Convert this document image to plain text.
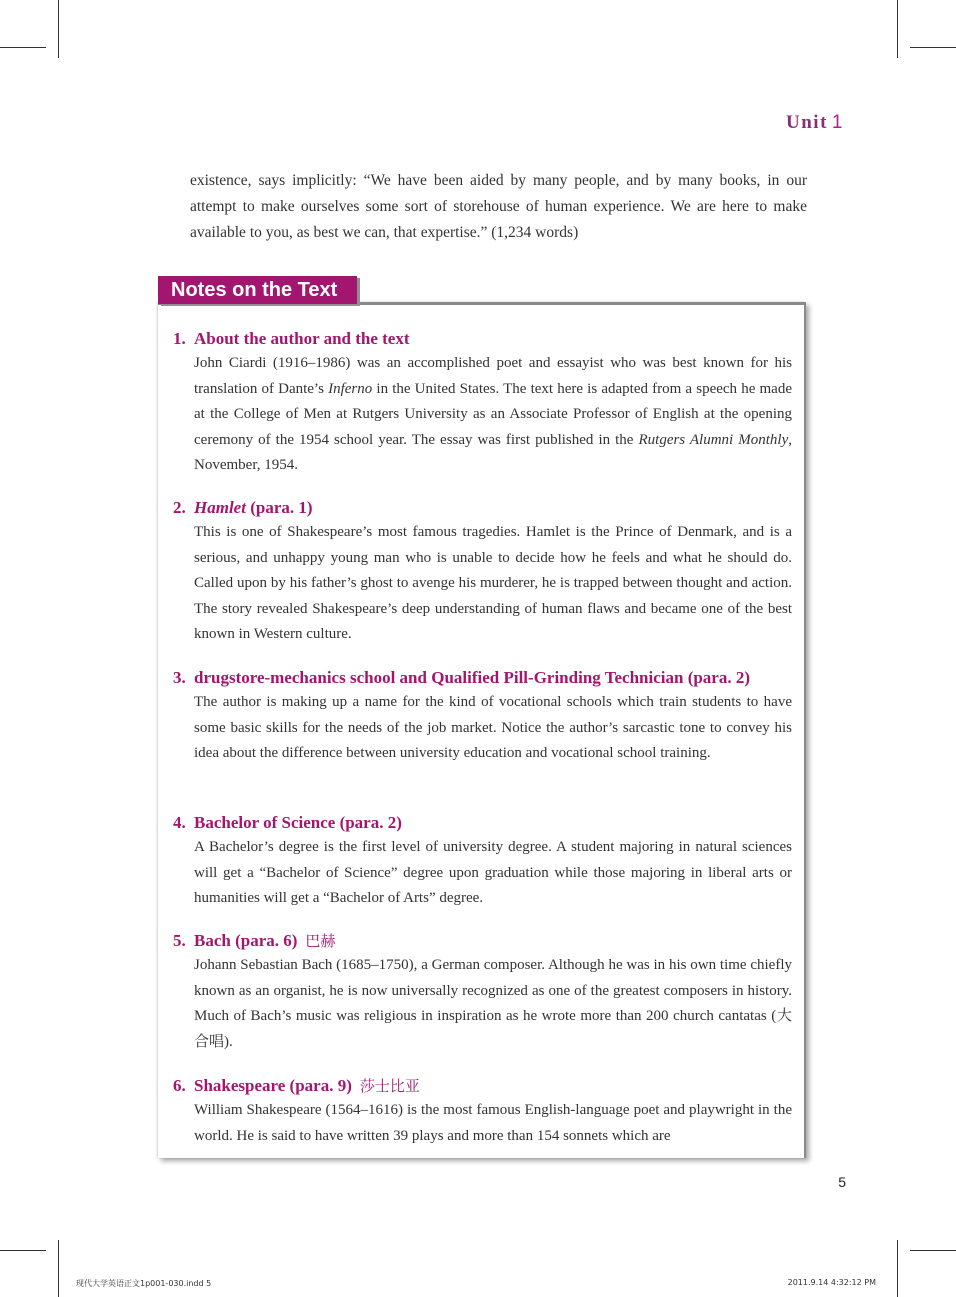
Unit 1
existence, says implicitly: “We have been aided by many people, and by many books, in our attempt to make ourselves some sort of storehouse of human experience. We are here to make available to you, as best we can, that expertise.” (1,234 words)
1. About the author and the text
John Ciardi (1916–1986) was an accomplished poet and essayist who was best known for his translation of Dante’s Inferno in the United States. The text here is adapted from a speech he made at the College of Men at Rutgers University as an Associate Professor of English at the opening ceremony of the 1954 school year. The essay was first published in the Rutgers Alumni Monthly, November, 1954.
2. Hamlet (para. 1)
This is one of Shakespeare’s most famous tragedies. Hamlet is the Prince of Denmark, and is a serious, and unhappy young man who is unable to decide how he feels and what he should do. Called upon by his father’s ghost to avenge his murderer, he is trapped between thought and action. The story revealed Shakespeare’s deep understanding of human flaws and became one of the best known in Western culture.
3. drugstore-mechanics school and Qualified Pill-Grinding Technician (para. 2)
The author is making up a name for the kind of vocational schools which train students to have some basic skills for the needs of the job market. Notice the author’s sarcastic tone to convey his idea about the difference between university education and vocational school training.
4. Bachelor of Science (para. 2)
A Bachelor’s degree is the first level of university degree. A student majoring in natural sciences will get a “Bachelor of Science” degree upon graduation while those majoring in liberal arts or humanities will get a “Bachelor of Arts” degree.
5. Bach (para. 6) 巴赫
Johann Sebastian Bach (1685–1750), a German composer. Although he was in his own time chiefly known as an organist, he is now universally recognized as one of the greatest composers in history. Much of Bach’s music was religious in inspiration as he wrote more than 200 church cantatas (大合唱).
6. Shakespeare (para. 9) 莎士比亚
William Shakespeare (1564–1616) is the most famous English-language poet and playwright in the world. He is said to have written 39 plays and more than 154 sonnets which are
Notes on the Text
5
现代大学英语正文1p001-030.indd 5	2011.9.14 4:32:12 PM
